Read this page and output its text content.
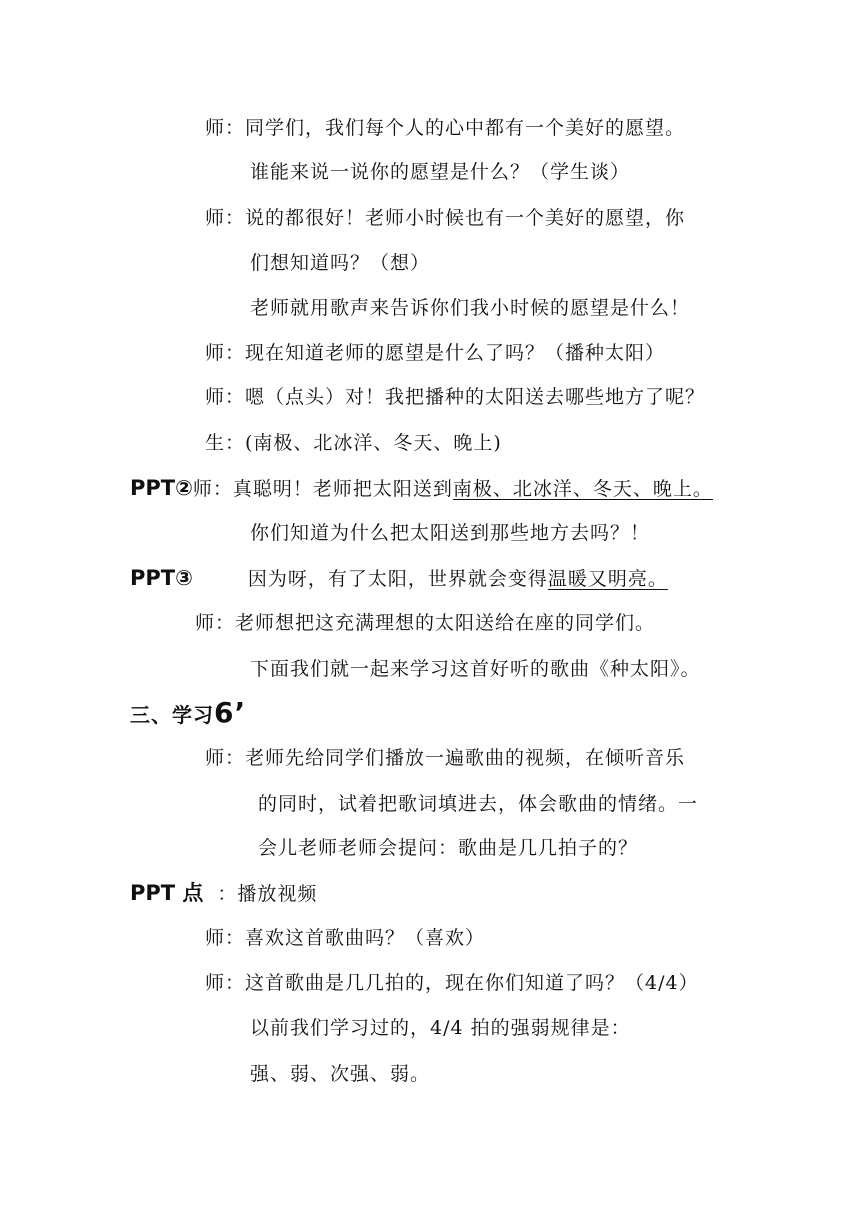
师：同学们，我们每个人的心中都有一个美好的愿望。
谁能来说一说你的愿望是什么？（学生谈）
师：说的都很好！老师小时候也有一个美好的愿望，你
们想知道吗？（想）
老师就用歌声来告诉你们我小时候的愿望是什么！
师：现在知道老师的愿望是什么了吗？（播种太阳）
师：嗯（点头）对！我把播种的太阳送去哪些地方了呢？
生：(南极、北冰洋、冬天、晚上)
PPT②师：真聪明！老师把太阳送到南极、北冰洋、冬天、晚上。
你们知道为什么把太阳送到那些地方去吗？！
PPT③	因为呀，有了太阳，世界就会变得温暖又明亮。
师：老师想把这充满理想的太阳送给在座的同学们。
下面我们就一起来学习这首好听的歌曲《种太阳》。
三、学习6’
师：老师先给同学们播放一遍歌曲的视频，在倾听音乐
的同时，试着把歌词填进去，体会歌曲的情绪。一
会儿老师老师会提问：歌曲是几几拍子的？
PPT 点 ：播放视频
师：喜欢这首歌曲吗？（喜欢）
师：这首歌曲是几几拍的，现在你们知道了吗？（4/4）
以前我们学习过的，4/4 拍的强弱规律是：
强、弱、次强、弱。
